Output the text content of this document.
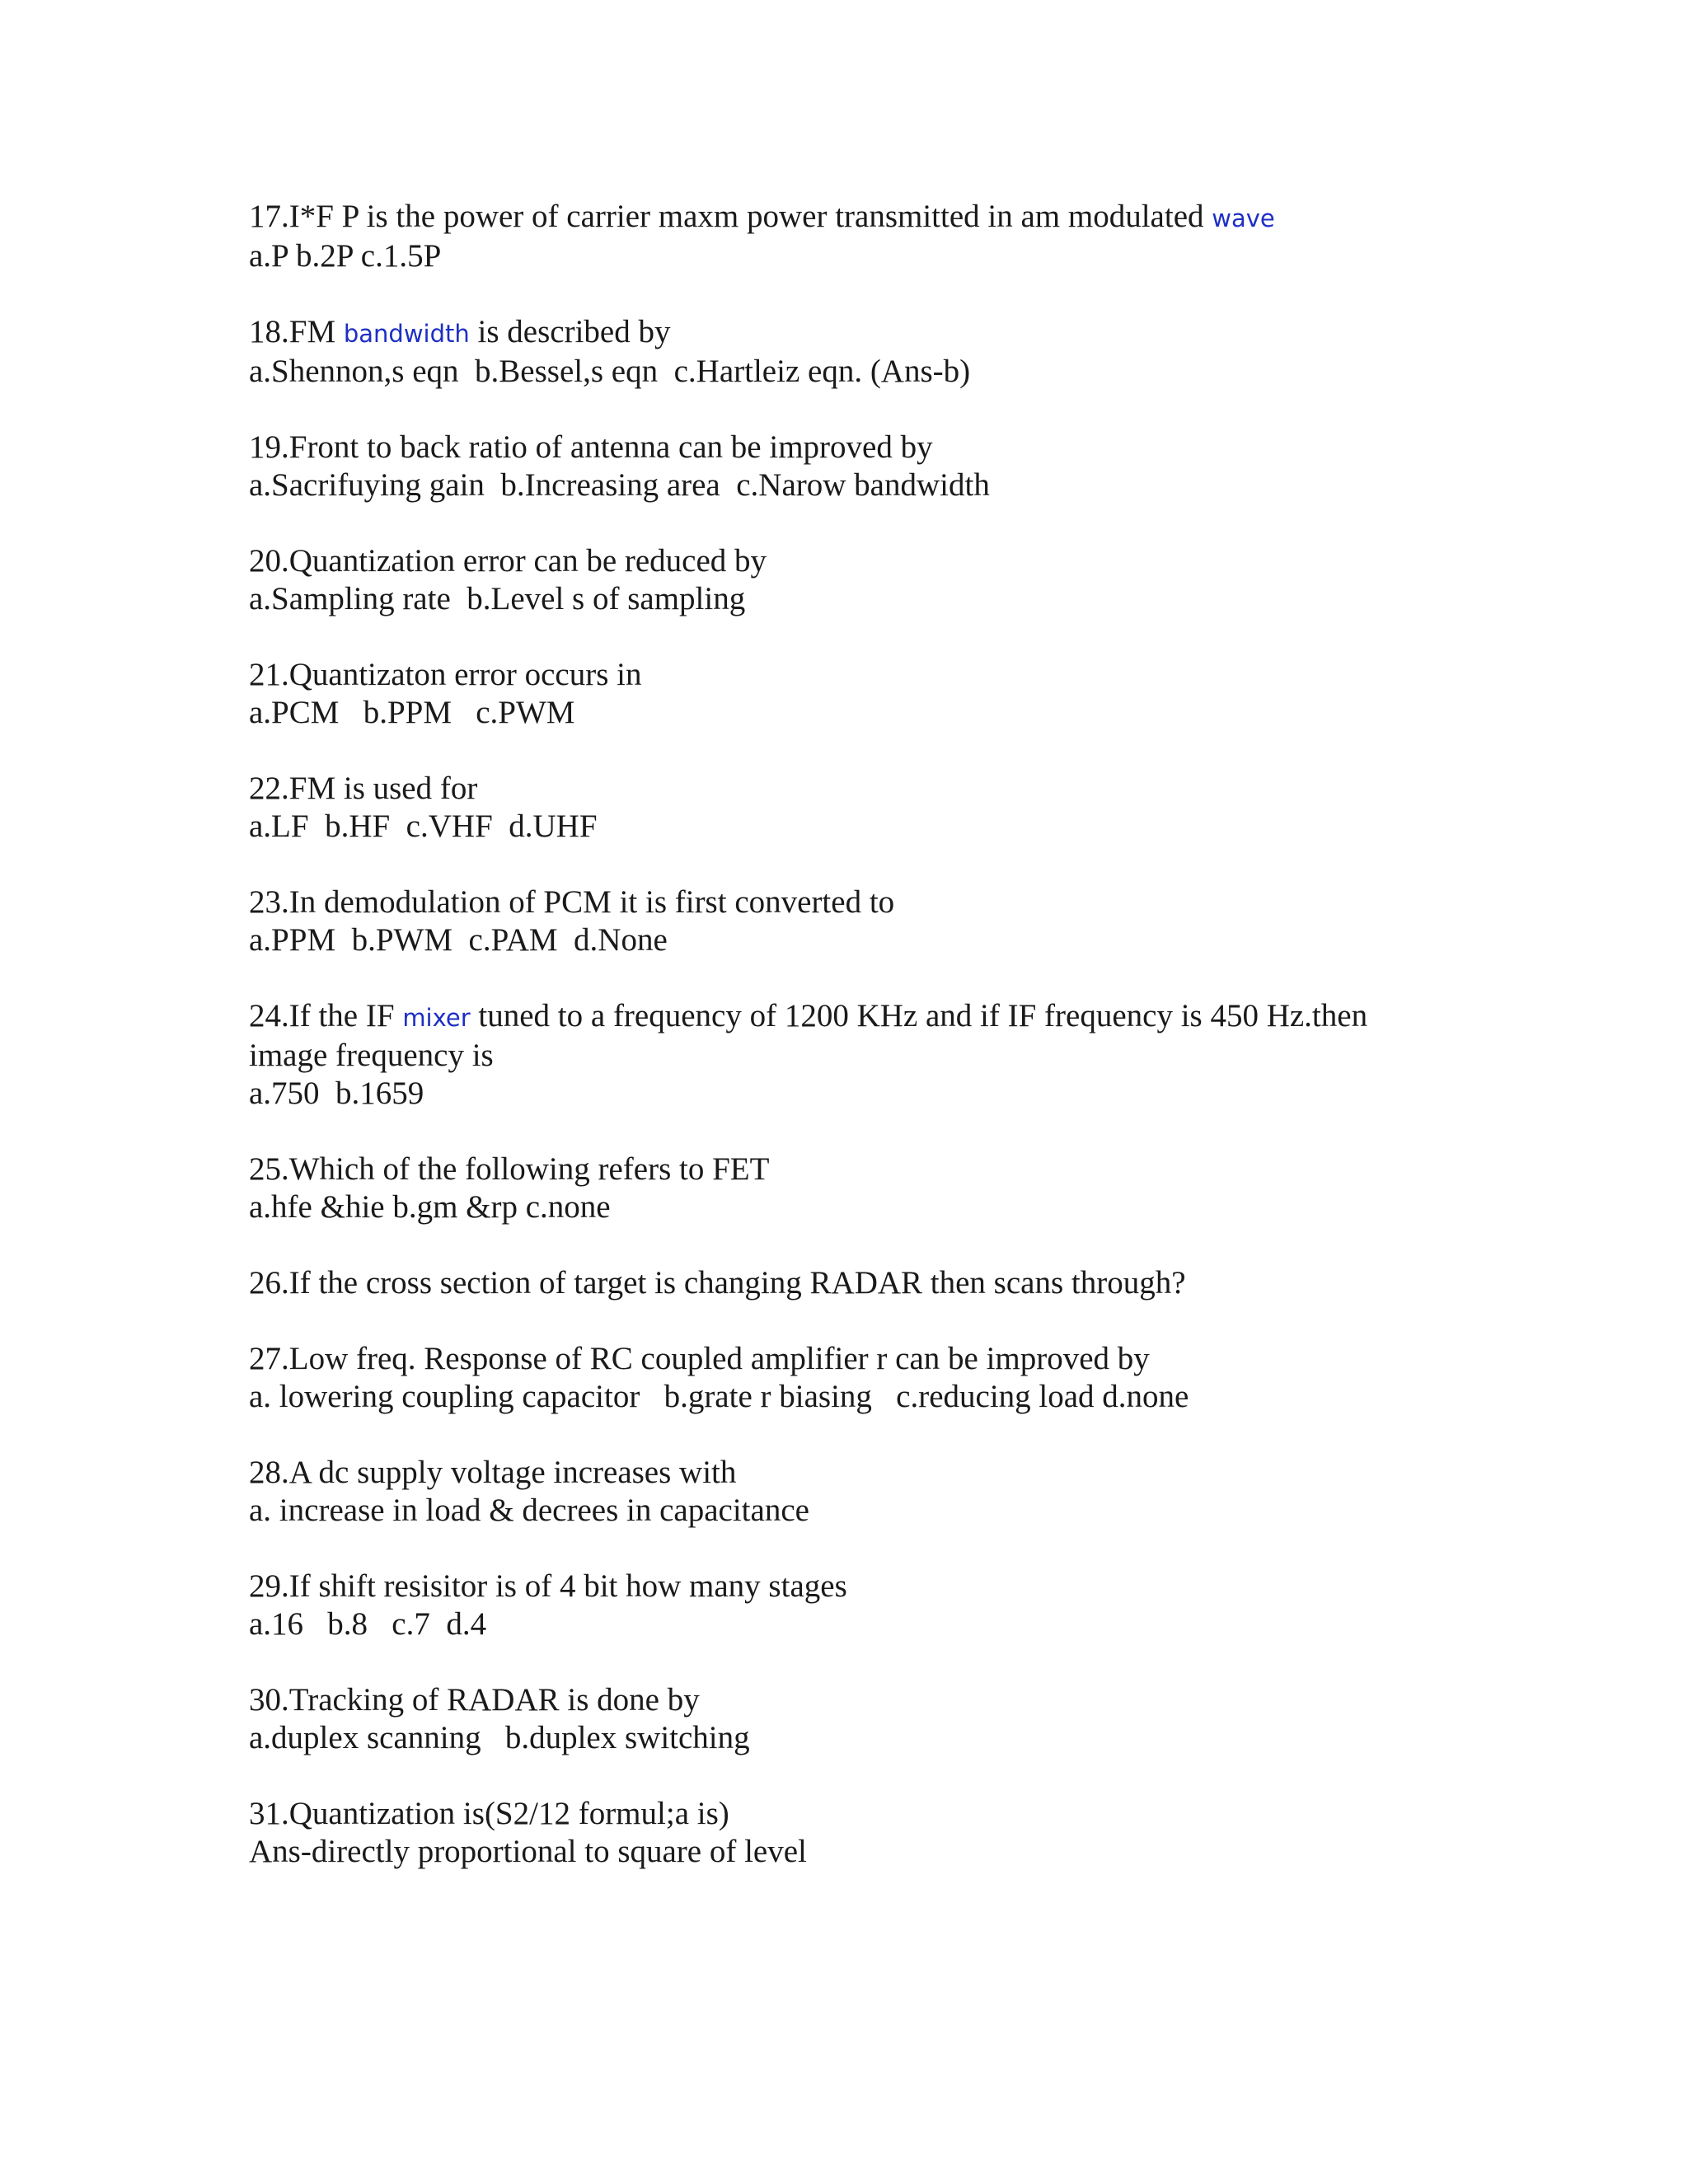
17.I*F P is the power of carrier maxm power transmitted in am modulated wave
a.P b.2P c.1.5P
18.FM bandwidth is described by
a.Shennon,s eqn  b.Bessel,s eqn  c.Hartleiz eqn. (Ans-b)
19.Front to back ratio of antenna can be improved by
a.Sacrifuying gain  b.Increasing area  c.Narow bandwidth
20.Quantization error can be reduced by
a.Sampling rate  b.Level s of sampling
21.Quantizaton error occurs in
a.PCM   b.PPM   c.PWM
22.FM is used for
a.LF  b.HF  c.VHF  d.UHF
23.In demodulation of PCM it is first converted to
a.PPM  b.PWM  c.PAM  d.None
24.If the IF mixer tuned to a frequency of 1200 KHz and if IF frequency is 450 Hz.then
image frequency is
a.750  b.1659
25.Which of the following refers to FET
a.hfe &hie b.gm &rp c.none
26.If the cross section of target is changing RADAR then scans through?
27.Low freq. Response of RC coupled amplifier r can be improved by
a. lowering coupling capacitor   b.grate r biasing   c.reducing load d.none
28.A dc supply voltage increases with
a. increase in load & decrees in capacitance
29.If shift resisitor is of 4 bit how many stages
a.16   b.8   c.7  d.4
30.Tracking of RADAR is done by
a.duplex scanning   b.duplex switching
31.Quantization is(S2/12 formul;a is)
Ans-directly proportional to square of level
